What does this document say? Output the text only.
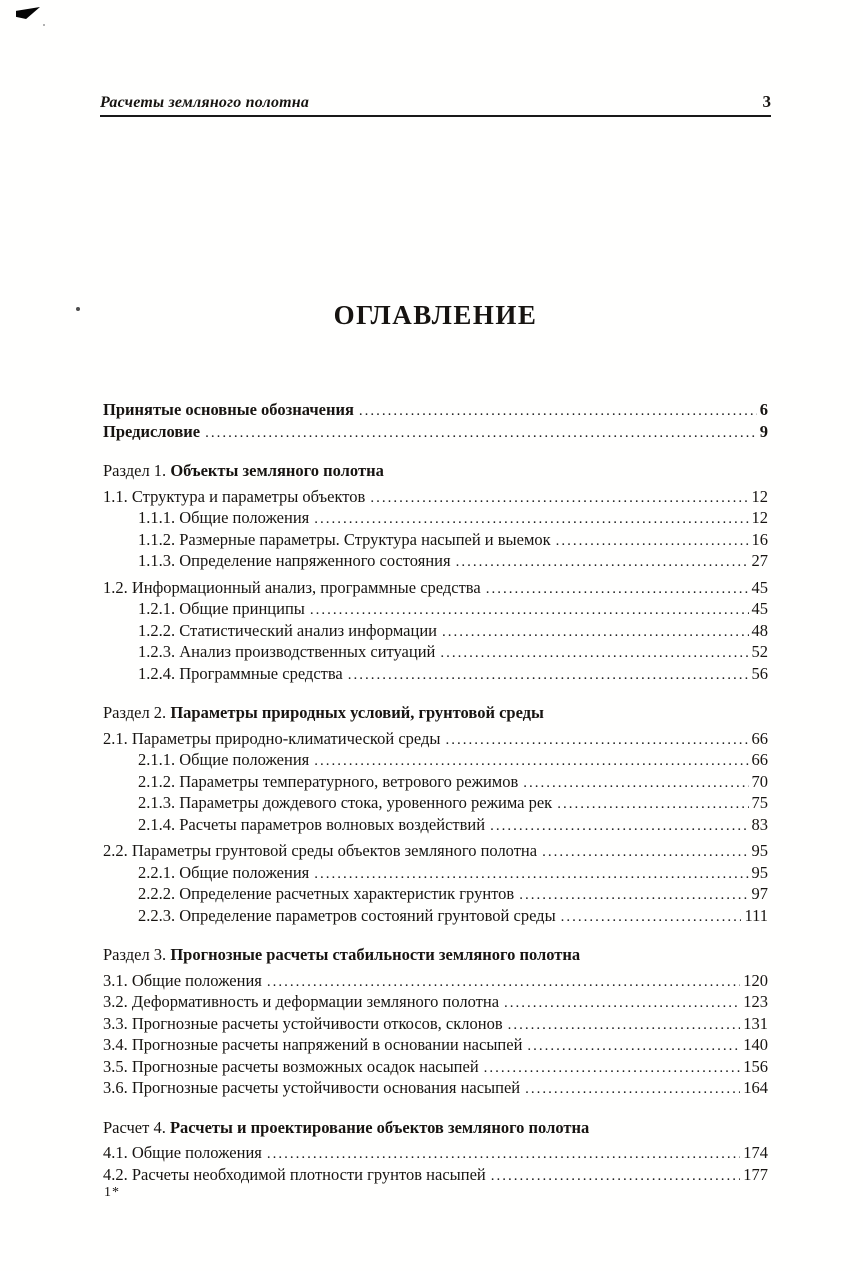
Расчеты земляного полотна	3
ОГЛАВЛЕНИЕ
Принятые основные обозначения .....	6
Предисловие .....	9
Раздел 1. Объекты земляного полотна
1.1. Структура и параметры объектов .....	12
1.1.1. Общие положения .....	12
1.1.2. Размерные параметры. Структура насыпей и выемок .....	16
1.1.3. Определение напряженного состояния .....	27
1.2. Информационный анализ, программные средства .....	45
1.2.1. Общие принципы .....	45
1.2.2. Статистический анализ информации .....	48
1.2.3. Анализ производственных ситуаций .....	52
1.2.4. Программные средства .....	56
Раздел 2. Параметры природных условий, грунтовой среды
2.1. Параметры природно-климатической среды .....	66
2.1.1. Общие положения .....	66
2.1.2. Параметры температурного, ветрового режимов .....	70
2.1.3. Параметры дождевого стока, уровенного режима рек .....	75
2.1.4. Расчеты параметров волновых воздействий .....	83
2.2. Параметры грунтовой среды объектов земляного полотна .....	95
2.2.1. Общие положения .....	95
2.2.2. Определение расчетных характеристик грунтов .....	97
2.2.3. Определение параметров состояний грунтовой среды .....	111
Раздел 3. Прогнозные расчеты стабильности земляного полотна
3.1. Общие положения .....	120
3.2. Деформативность и деформации земляного полотна .....	123
3.3. Прогнозные расчеты устойчивости откосов, склонов .....	131
3.4. Прогнозные расчеты напряжений в основании насыпей .....	140
3.5. Прогнозные расчеты возможных осадок насыпей .....	156
3.6. Прогнозные расчеты устойчивости основания насыпей .....	164
Расчет 4. Расчеты и проектирование объектов земляного полотна
4.1. Общие положения .....	174
4.2. Расчеты необходимой плотности грунтов насыпей .....	177
1*
